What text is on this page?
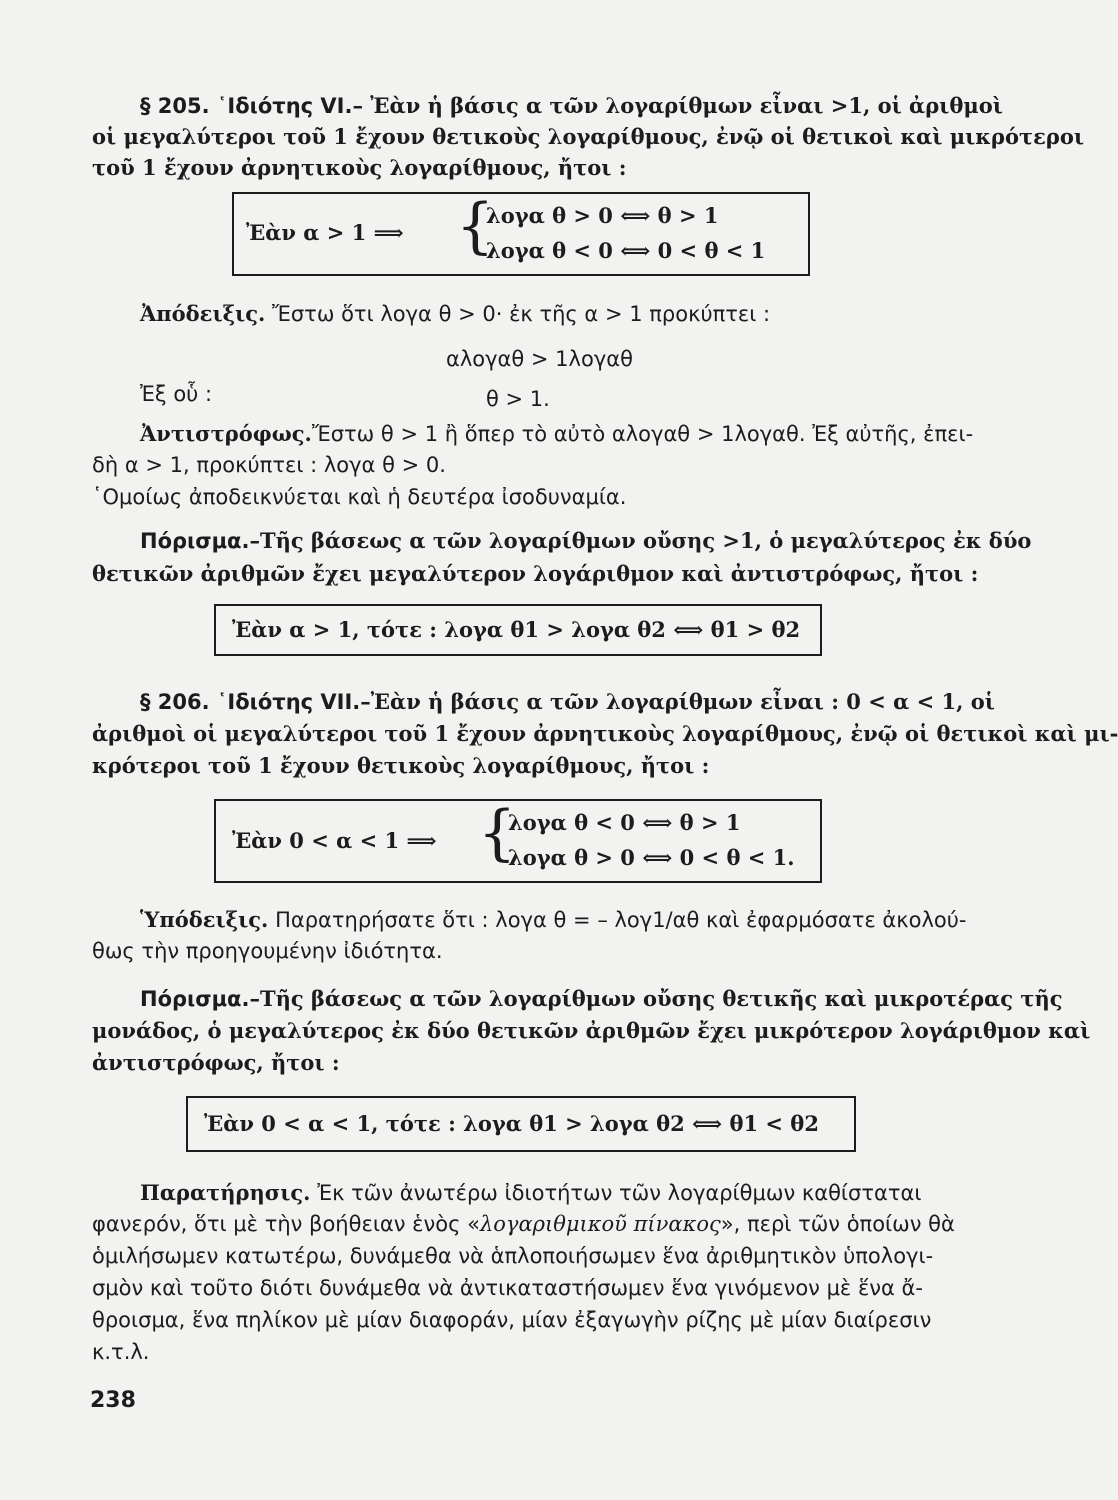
§ 205. ῾Ιδιότης VI.– Ἐὰν ἡ βάσις α τῶν λογαρίθμων εἶναι >1, οἱ ἀριθμοὶ
οἱ μεγαλύτεροι τοῦ 1 ἔχουν θετικοὺς λογαρίθμους, ἐνῷ οἱ θετικοὶ καὶ μικρότεροι
τοῦ 1 ἔχουν ἀρνητικοὺς λογαρίθμους, ἤτοι :
Ἐὰν α > 1 ⟹ {
λογα θ > 0 ⟺ θ > 1
λογα θ < 0 ⟺ 0 < θ < 1
Ἀπόδειξις. Ἔστω ὅτι λογα θ > 0· ἐκ τῆς α > 1 προκύπτει :
αλογαθ > 1λογαθ
Ἐξ οὗ :	θ > 1.
Ἀντιστρόφως.Ἔστω θ > 1 ἢ ὅπερ τὸ αὐτὸ αλογαθ > 1λογαθ. Ἐξ αὐτῆς, ἐπει-
δὴ α > 1, προκύπτει : λογα θ > 0.
῾Ομοίως ἀποδεικνύεται καὶ ἡ δευτέρα ἰσοδυναμία.
Πόρισμα.–Τῆς βάσεως α τῶν λογαρίθμων οὔσης >1, ὁ μεγαλύτερος ἐκ δύο
θετικῶν ἀριθμῶν ἔχει μεγαλύτερον λογάριθμον καὶ ἀντιστρόφως, ἤτοι :
Ἐὰν α > 1, τότε : λογα θ1 > λογα θ2 ⟺ θ1 > θ2
§ 206. ῾Ιδιότης VII.–Ἐὰν ἡ βάσις α τῶν λογαρίθμων εἶναι : 0 < α < 1, οἱ
ἀριθμοὶ οἱ μεγαλύτεροι τοῦ 1 ἔχουν ἀρνητικοὺς λογαρίθμους, ἐνῷ οἱ θετικοὶ καὶ μι-
κρότεροι τοῦ 1 ἔχουν θετικοὺς λογαρίθμους, ἤτοι :
Ἐὰν 0 < α < 1 ⟹ {
λογα θ < 0 ⟺ θ > 1
λογα θ > 0 ⟺ 0 < θ < 1.
Ὑπόδειξις. Παρατηρήσατε ὅτι : λογα θ = – λογ1/αθ καὶ ἐφαρμόσατε ἀκολού-
θως τὴν προηγουμένην ἰδιότητα.
Πόρισμα.–Τῆς βάσεως α τῶν λογαρίθμων οὔσης θετικῆς καὶ μικροτέρας τῆς
μονάδος, ὁ μεγαλύτερος ἐκ δύο θετικῶν ἀριθμῶν ἔχει μικρότερον λογάριθμον καὶ
ἀντιστρόφως, ἤτοι :
Ἐὰν 0 < α < 1, τότε : λογα θ1 > λογα θ2 ⟺ θ1 < θ2
Παρατήρησις. Ἐκ τῶν ἀνωτέρω ἰδιοτήτων τῶν λογαρίθμων καθίσταται
φανερόν, ὅτι μὲ τὴν βοήθειαν ἑνὸς «λογαριθμικοῦ πίνακος», περὶ τῶν ὁποίων θὰ
ὁμιλήσωμεν κατωτέρω, δυνάμεθα νὰ ἁπλοποιήσωμεν ἕνα ἀριθμητικὸν ὑπολογι-
σμὸν καὶ τοῦτο διότι δυνάμεθα νὰ ἀντικαταστήσωμεν ἕνα γινόμενον μὲ ἕνα ἄ-
θροισμα, ἕνα πηλίκον μὲ μίαν διαφοράν, μίαν ἐξαγωγὴν ρίζης μὲ μίαν διαίρεσιν
κ.τ.λ.
238
